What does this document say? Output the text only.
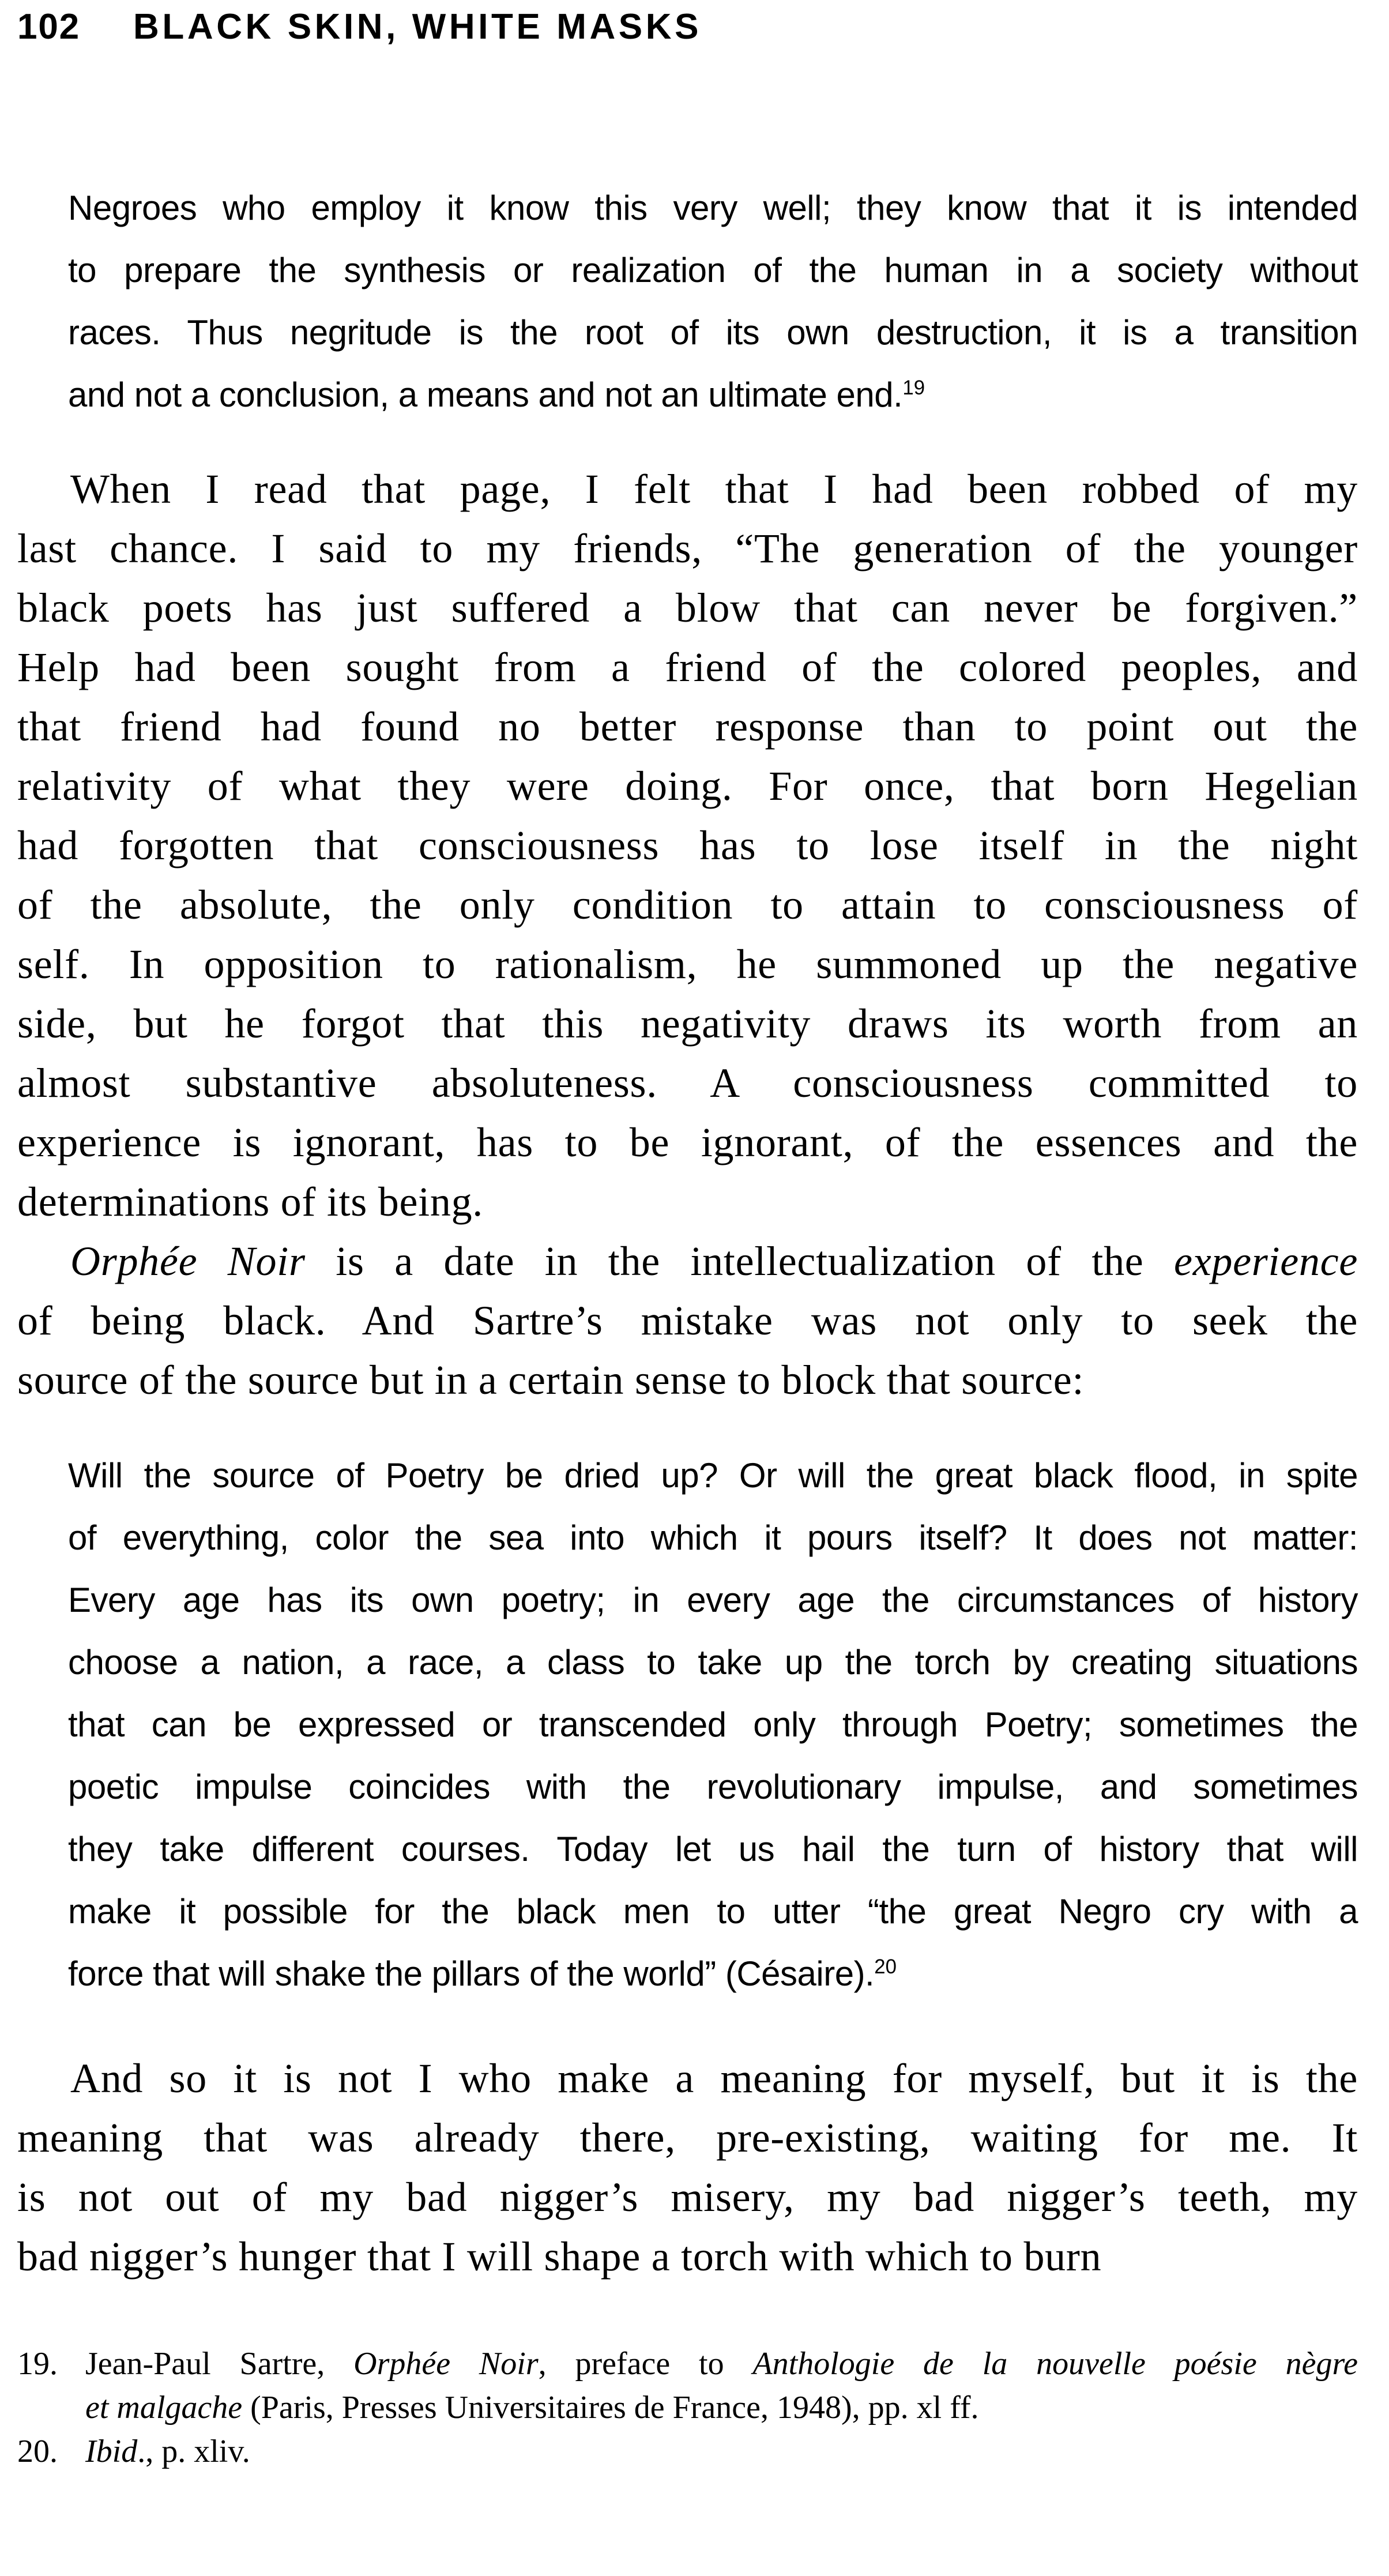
102 BLACK SKIN, WHITE MASKS
Negroes who employ it know this very well; they know that it is intended
to prepare the synthesis or realization of the human in a society without
races. Thus negritude is the root of its own destruction, it is a transition
and not a conclusion, a means and not an ultimate end.$^{19}$
When I read that page, I felt that I had been robbed of my
last chance. I said to my friends, “The generation of the younger
black poets has just suffered a blow that can never be forgiven.”
Help had been sought from a friend of the colored peoples, and
that friend had found no better response than to point out the
relativity of what they were doing. For once, that born Hegelian
had forgotten that consciousness has to lose itself in the night
of the absolute, the only condition to attain to consciousness of
self. In opposition to rationalism, he summoned up the negative
side, but he forgot that this negativity draws its worth from an
almost substantive absoluteness. A consciousness committed to
experience is ignorant, has to be ignorant, of the essences and the
determinations of its being.
Orphée Noir is a date in the intellectualization of the experience
of being black. And Sartre’s mistake was not only to seek the
source of the source but in a certain sense to block that source:
Will the source of Poetry be dried up? Or will the great black flood, in spite
of everything, color the sea into which it pours itself? It does not matter:
Every age has its own poetry; in every age the circumstances of history
choose a nation, a race, a class to take up the torch by creating situations
that can be expressed or transcended only through Poetry; sometimes the
poetic impulse coincides with the revolutionary impulse, and sometimes
they take different courses. Today let us hail the turn of history that will
make it possible for the black men to utter “the great Negro cry with a
force that will shake the pillars of the world” (Césaire).$^{20}$
And so it is not I who make a meaning for myself, but it is the
meaning that was already there, pre-existing, waiting for me. It
is not out of my bad nigger’s misery, my bad nigger’s teeth, my
bad nigger’s hunger that I will shape a torch with which to burn
19. Jean-Paul Sartre, Orphée Noir, preface to Anthologie de la nouvelle poésie nègre
et malgache (Paris, Presses Universitaires de France, 1948), pp. xl ff.
20. Ibid., p. xliv.
